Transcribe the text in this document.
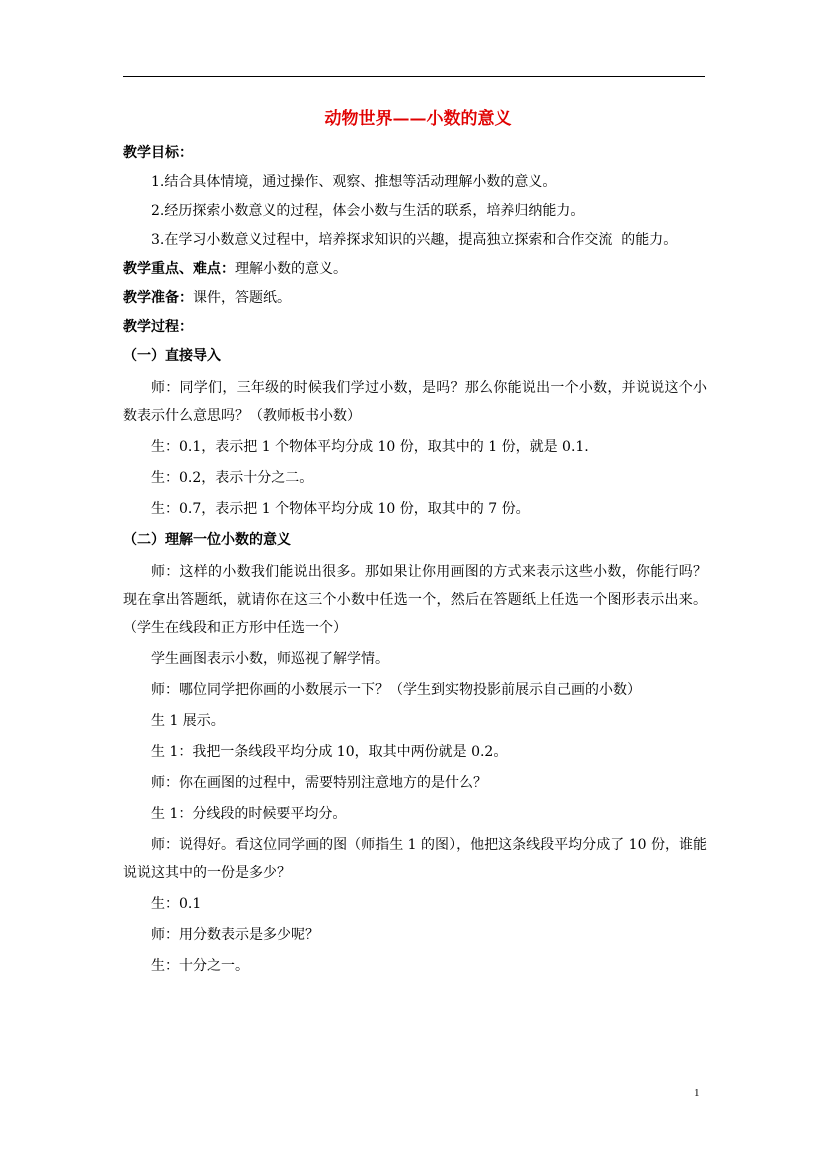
动物世界——小数的意义
教学目标：
1.结合具体情境，通过操作、观察、推想等活动理解小数的意义。
2.经历探索小数意义的过程，体会小数与生活的联系，培养归纳能力。
3.在学习小数意义过程中，培养探求知识的兴趣，提高独立探索和合作交流  的能力。
教学重点、难点：理解小数的意义。
教学准备：课件，答题纸。
教学过程：
（一）直接导入
师：同学们，三年级的时候我们学过小数，是吗？那么你能说出一个小数，并说说这个小数表示什么意思吗？（教师板书小数）
生：0.1，表示把 1 个物体平均分成 10 份，取其中的 1 份，就是 0.1.
生：0.2，表示十分之二。
生：0.7，表示把 1 个物体平均分成 10 份，取其中的 7 份。
（二）理解一位小数的意义
师：这样的小数我们能说出很多。那如果让你用画图的方式来表示这些小数，你能行吗？现在拿出答题纸，就请你在这三个小数中任选一个，然后在答题纸上任选一个图形表示出来。（学生在线段和正方形中任选一个）
学生画图表示小数，师巡视了解学情。
师：哪位同学把你画的小数展示一下？（学生到实物投影前展示自己画的小数）
生 1 展示。
生 1：我把一条线段平均分成 10，取其中两份就是 0.2。
师：你在画图的过程中，需要特别注意地方的是什么？
生 1：分线段的时候要平均分。
师：说得好。看这位同学画的图（师指生 1 的图），他把这条线段平均分成了 10 份，谁能说说这其中的一份是多少？
生：0.1
师：用分数表示是多少呢？
生：十分之一。
1
